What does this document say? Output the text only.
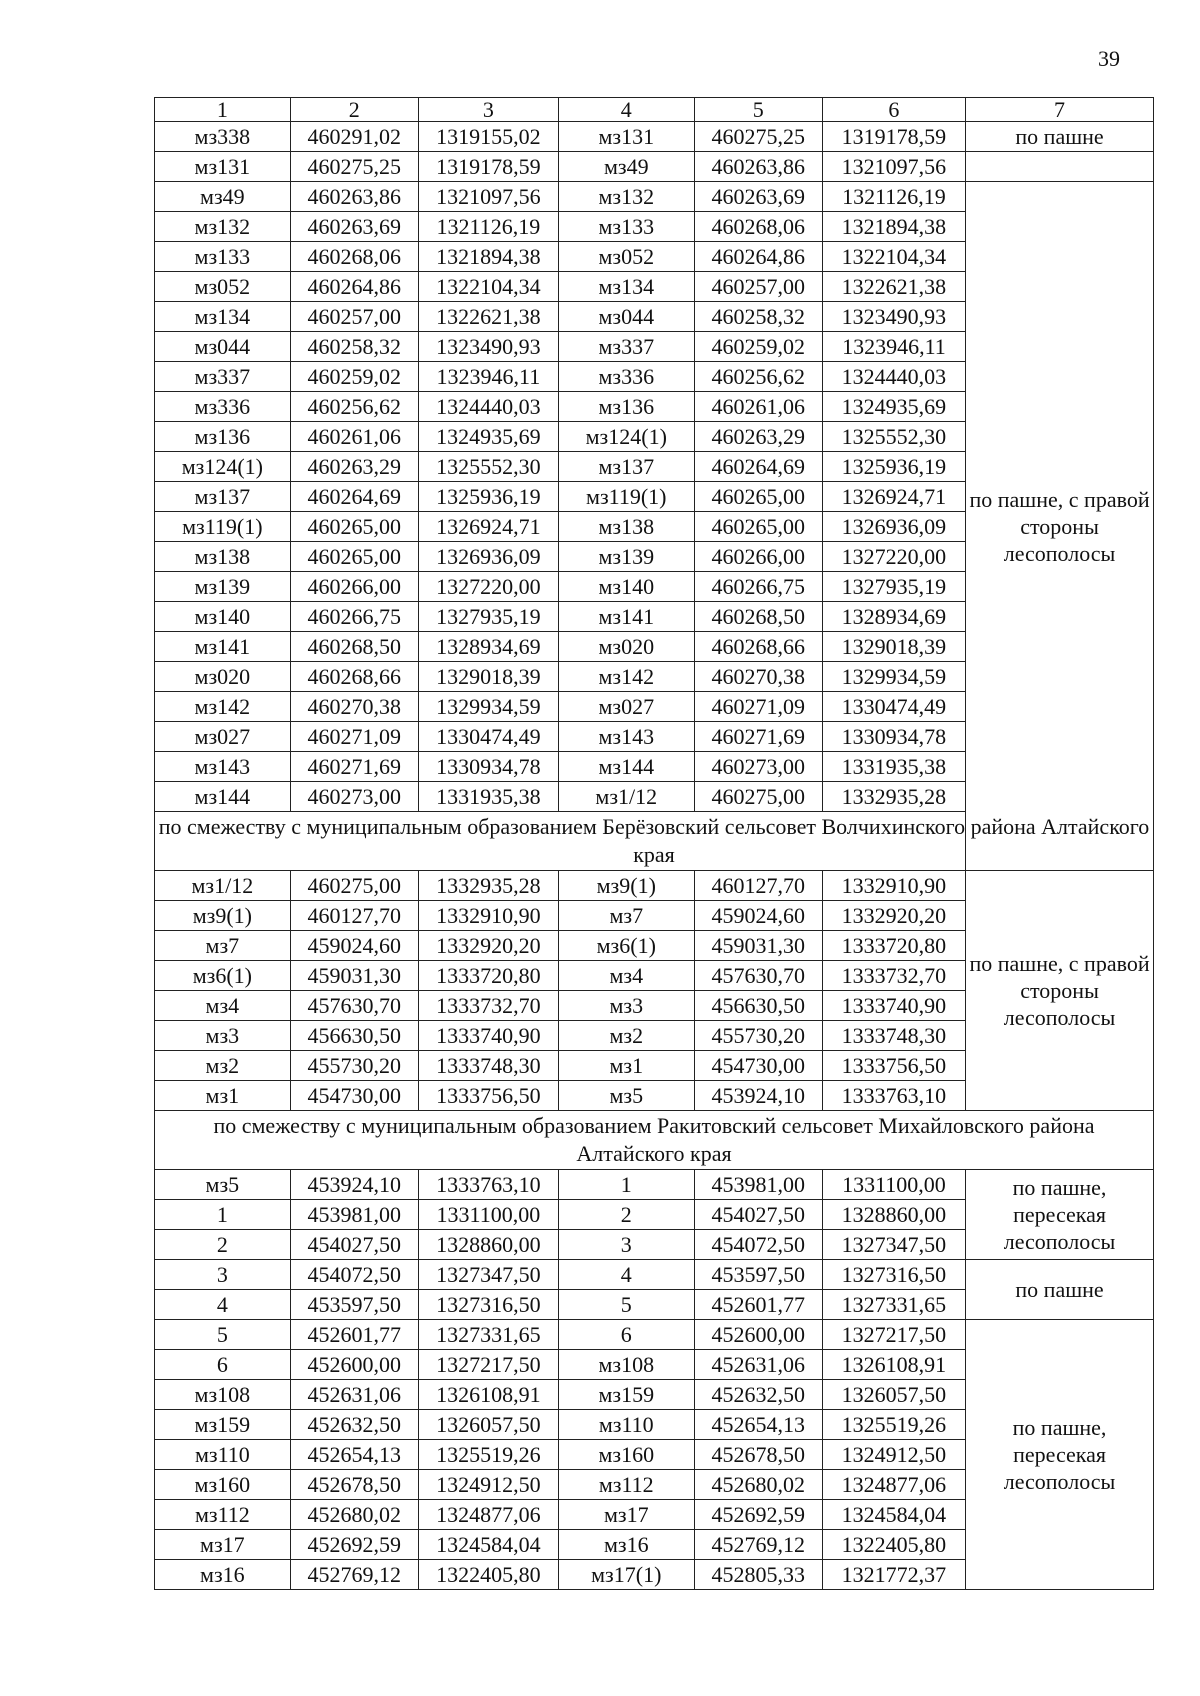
39
1	2	3	4	5	6	7
мз338	460291,02	1319155,02	мз131	460275,25	1319178,59	по пашне
мз131	460275,25	1319178,59	мз49	460263,86	1321097,56	
мз49	460263,86	1321097,56	мз132	460263,69	1321126,19	по пашне, с правой стороны лесополосы
мз132	460263,69	1321126,19	мз133	460268,06	1321894,38	
мз133	460268,06	1321894,38	мз052	460264,86	1322104,34	
мз052	460264,86	1322104,34	мз134	460257,00	1322621,38	
мз134	460257,00	1322621,38	мз044	460258,32	1323490,93	
мз044	460258,32	1323490,93	мз337	460259,02	1323946,11	
мз337	460259,02	1323946,11	мз336	460256,62	1324440,03	
мз336	460256,62	1324440,03	мз136	460261,06	1324935,69	
мз136	460261,06	1324935,69	мз124(1)	460263,29	1325552,30	
мз124(1)	460263,29	1325552,30	мз137	460264,69	1325936,19	
мз137	460264,69	1325936,19	мз119(1)	460265,00	1326924,71	
мз119(1)	460265,00	1326924,71	мз138	460265,00	1326936,09	
мз138	460265,00	1326936,09	мз139	460266,00	1327220,00	
мз139	460266,00	1327220,00	мз140	460266,75	1327935,19	
мз140	460266,75	1327935,19	мз141	460268,50	1328934,69	
мз141	460268,50	1328934,69	мз020	460268,66	1329018,39	
мз020	460268,66	1329018,39	мз142	460270,38	1329934,59	
мз142	460270,38	1329934,59	мз027	460271,09	1330474,49	
мз027	460271,09	1330474,49	мз143	460271,69	1330934,78	
мз143	460271,69	1330934,78	мз144	460273,00	1331935,38	
мз144	460273,00	1331935,38	мз1/12	460275,00	1332935,28	
по смежеству с муниципальным образованием Берёзовский сельсовет Волчихинского района Алтайского края						
мз1/12	460275,00	1332935,28	мз9(1)	460127,70	1332910,90	по пашне, с правой стороны лесополосы
мз9(1)	460127,70	1332910,90	мз7	459024,60	1332920,20	
мз7	459024,60	1332920,20	мз6(1)	459031,30	1333720,80	
мз6(1)	459031,30	1333720,80	мз4	457630,70	1333732,70	
мз4	457630,70	1333732,70	мз3	456630,50	1333740,90	
мз3	456630,50	1333740,90	мз2	455730,20	1333748,30	
мз2	455730,20	1333748,30	мз1	454730,00	1333756,50	
мз1	454730,00	1333756,50	мз5	453924,10	1333763,10	
по смежеству с муниципальным образованием Ракитовский сельсовет Михайловского района Алтайского края						
мз5	453924,10	1333763,10	1	453981,00	1331100,00	по пашне, пересекая лесополосы
1	453981,00	1331100,00	2	454027,50	1328860,00	
2	454027,50	1328860,00	3	454072,50	1327347,50	
3	454072,50	1327347,50	4	453597,50	1327316,50	по пашне
4	453597,50	1327316,50	5	452601,77	1327331,65	
5	452601,77	1327331,65	6	452600,00	1327217,50	по пашне, пересекая лесополосы
6	452600,00	1327217,50	мз108	452631,06	1326108,91	
мз108	452631,06	1326108,91	мз159	452632,50	1326057,50	
мз159	452632,50	1326057,50	мз110	452654,13	1325519,26	
мз110	452654,13	1325519,26	мз160	452678,50	1324912,50	
мз160	452678,50	1324912,50	мз112	452680,02	1324877,06	
мз112	452680,02	1324877,06	мз17	452692,59	1324584,04	
мз17	452692,59	1324584,04	мз16	452769,12	1322405,80	
мз16	452769,12	1322405,80	мз17(1)	452805,33	1321772,37	
